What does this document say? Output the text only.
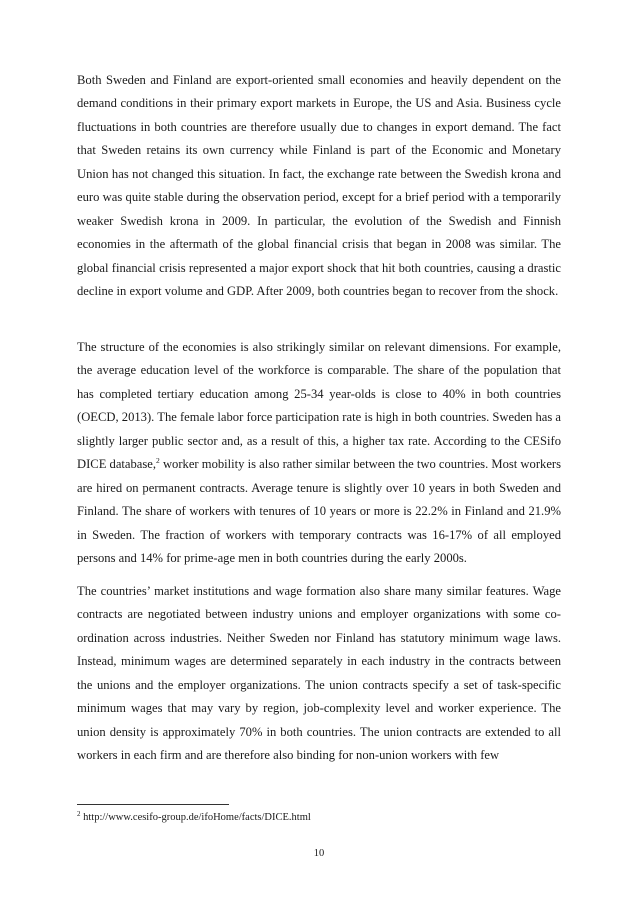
Both Sweden and Finland are export-oriented small economies and heavily dependent on the demand conditions in their primary export markets in Europe, the US and Asia. Business cycle fluctuations in both countries are therefore usually due to changes in export demand. The fact that Sweden retains its own currency while Finland is part of the Economic and Monetary Union has not changed this situation. In fact, the exchange rate between the Swedish krona and euro was quite stable during the observation period, except for a brief period with a temporarily weaker Swedish krona in 2009. In particular, the evolution of the Swedish and Finnish economies in the aftermath of the global financial crisis that began in 2008 was similar. The global financial crisis represented a major export shock that hit both countries, causing a drastic decline in export volume and GDP. After 2009, both countries began to recover from the shock.

The structure of the economies is also strikingly similar on relevant dimensions. For example, the average education level of the workforce is comparable. The share of the population that has completed tertiary education among 25-34 year-olds is close to 40% in both countries (OECD, 2013). The female labor force participation rate is high in both countries. Sweden has a slightly larger public sector and, as a result of this, a higher tax rate. According to the CESifo DICE database,$^2$ worker mobility is also rather similar between the two countries. Most workers are hired on permanent contracts. Average tenure is slightly over 10 years in both Sweden and Finland. The share of workers with tenures of 10 years or more is 22.2% in Finland and 21.9% in Sweden. The fraction of workers with temporary contracts was 16-17% of all employed persons and 14% for prime-age men in both countries during the early 2000s.

The countries’ market institutions and wage formation also share many similar features. Wage contracts are negotiated between industry unions and employer organizations with some co-ordination across industries. Neither Sweden nor Finland has statutory minimum wage laws. Instead, minimum wages are determined separately in each industry in the contracts between the unions and the employer organizations. The union contracts specify a set of task-specific minimum wages that may vary by region, job-complexity level and worker experience. The union density is approximately 70% in both countries. The union contracts are extended to all workers in each firm and are therefore also binding for non-union workers with few

$^2$ http://www.cesifo-group.de/ifoHome/facts/DICE.html
10
